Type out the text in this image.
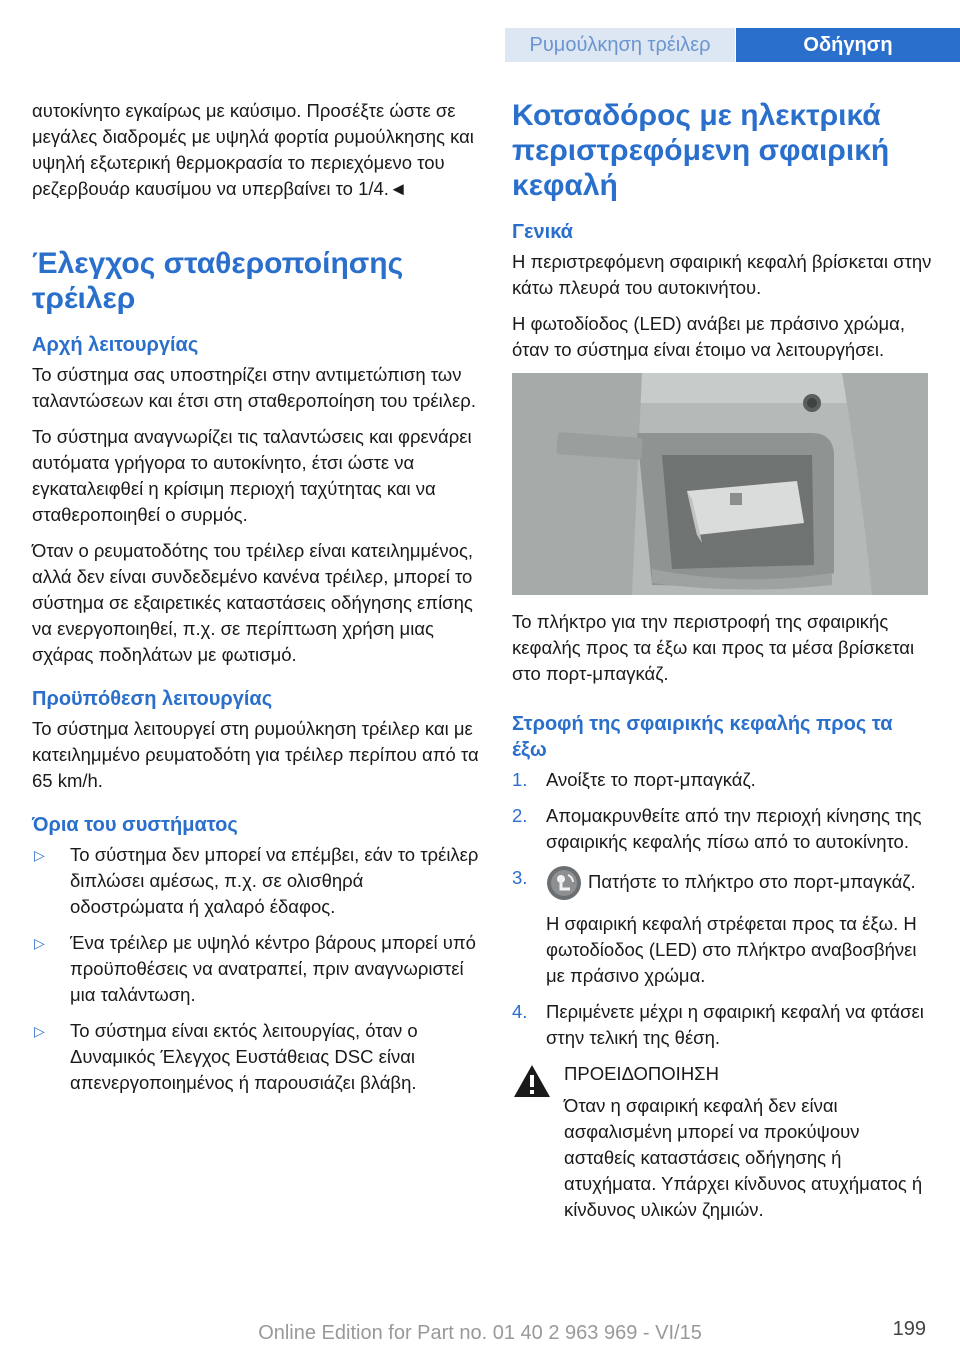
Ρυμούλκηση τρέιλερ	Οδήγηση

αυτοκίνητο εγκαίρως με καύσιμο. Προσέξτε ώστε σε μεγάλες διαδρομές με υψηλά φορτία ρυμούλκησης και υψηλή εξωτερική θερμοκρασία το περιεχόμενο του ρεζερβουάρ καυσίμου να υπερβαίνει το 1/4.◄

Έλεγχος σταθεροποίησης τρέιλερ
Αρχή λειτουργίας

Το σύστημα σας υποστηρίζει στην αντιμετώπιση των ταλαντώσεων και έτσι στη σταθεροποίηση του τρέιλερ.

Το σύστημα αναγνωρίζει τις ταλαντώσεις και φρενάρει αυτόματα γρήγορα το αυτοκίνητο, έτσι ώστε να εγκαταλειφθεί η κρίσιμη περιοχή ταχύτητας και να σταθεροποιηθεί ο συρμός.

Όταν ο ρευματοδότης του τρέιλερ είναι κατειλημμένος, αλλά δεν είναι συνδεδεμένο κανένα τρέιλερ, μπορεί το σύστημα σε εξαιρετικές καταστάσεις οδήγησης επίσης να ενεργοποιηθεί, π.χ. σε περίπτωση χρήση μιας σχάρας ποδηλάτων με φωτισμό.

Προϋπόθεση λειτουργίας

Το σύστημα λειτουργεί στη ρυμούλκηση τρέιλερ και με κατειλημμένο ρευματοδότη για τρέιλερ περίπου από τα 65 km/h.

Όρια του συστήματος
▷	Το σύστημα δεν μπορεί να επέμβει, εάν το τρέιλερ διπλώσει αμέσως, π.χ. σε ολισθηρά οδοστρώματα ή χαλαρό έδαφος.
▷	Ένα τρέιλερ με υψηλό κέντρο βάρους μπορεί υπό προϋποθέσεις να ανατραπεί, πριν αναγνωριστεί μια ταλάντωση.
▷	Το σύστημα είναι εκτός λειτουργίας, όταν ο Δυναμικός Έλεγχος Ευστάθειας DSC είναι απενεργοποιημένος ή παρουσιάζει βλάβη.
Κοτσαδόρος με ηλεκτρικά περιστρεφόμενη σφαιρική κεφαλή
Γενικά

Η περιστρεφόμενη σφαιρική κεφαλή βρίσκεται στην κάτω πλευρά του αυτοκινήτου.

Η φωτοδίοδος (LED) ανάβει με πράσινο χρώμα, όταν το σύστημα είναι έτοιμο να λειτουργήσει.

Το πλήκτρο για την περιστροφή της σφαιρικής κεφαλής προς τα έξω και προς τα μέσα βρίσκεται στο πορτ-μπαγκάζ.

Στροφή της σφαιρικής κεφαλής προς τα έξω
1.	Ανοίξτε το πορτ-μπαγκάζ.
2.	Απομακρυνθείτε από την περιοχή κίνησης της σφαιρικής κεφαλής πίσω από το αυτοκίνητο.
3.	Πατήστε το πλήκτρο στο πορτ-μπαγκάζ.
Η σφαιρική κεφαλή στρέφεται προς τα έξω. Η φωτοδίοδος (LED) στο πλήκτρο αναβοσβήνει με πράσινο χρώμα.
4.	Περιμένετε μέχρι η σφαιρική κεφαλή να φτάσει στην τελική της θέση.

ΠΡΟΕΙΔΟΠΟΙΗΣΗ

Όταν η σφαιρική κεφαλή δεν είναι ασφαλισμένη μπορεί να προκύψουν ασταθείς καταστάσεις οδήγησης ή ατυχήματα. Υπάρχει κίνδυνος ατυχήματος ή κίνδυνος υλικών ζημιών.

Online Edition for Part no. 01 40 2 963 969 - VI/15	199
